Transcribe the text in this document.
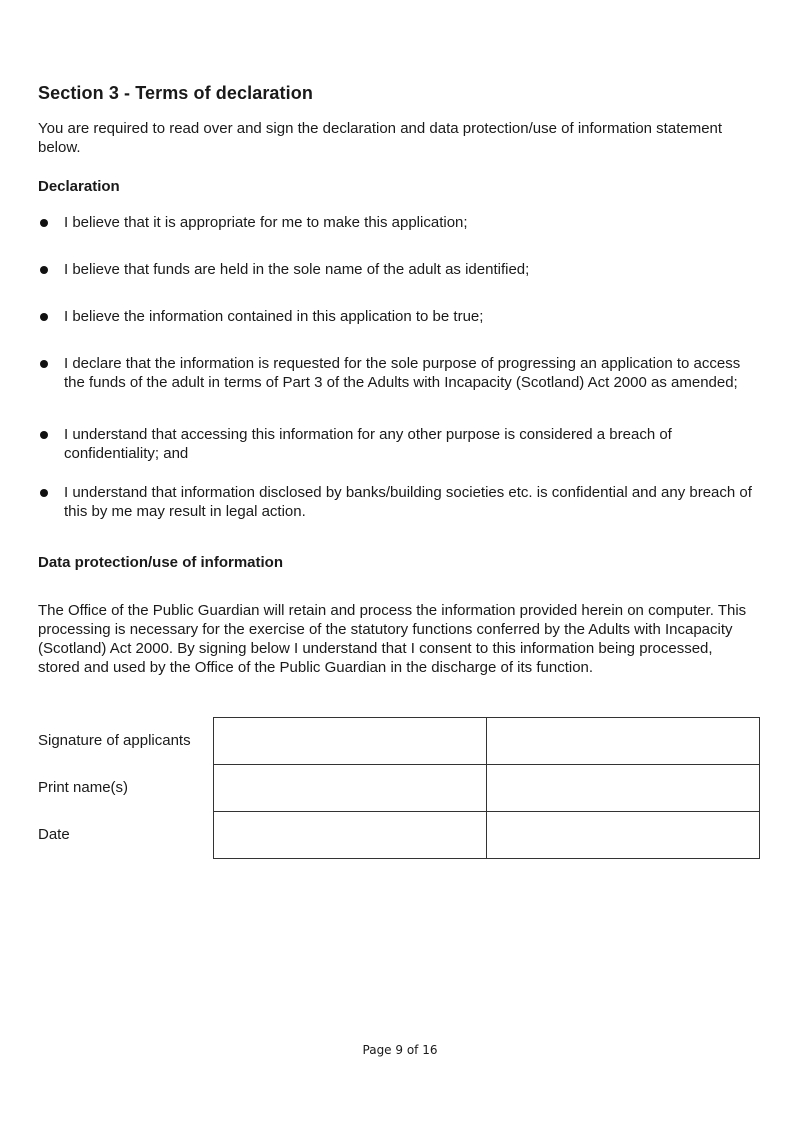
Section 3 - Terms of declaration

You are required to read over and sign the declaration and data protection/use of information statement below.

Declaration
I believe that it is appropriate for me to make this application;
I believe that funds are held in the sole name of the adult as identified;
I believe the information contained in this application to be true;
I declare that the information is requested for the sole purpose of progressing an application to access the funds of the adult in terms of Part 3 of the Adults with Incapacity (Scotland) Act 2000 as amended;
I understand that accessing this information for any other purpose is considered a breach of confidentiality; and
I understand that information disclosed by banks/building societies etc. is confidential and any breach of this by me may result in legal action.
Data protection/use of information

The Office of the Public Guardian will retain and process the information provided herein on computer. This processing is necessary for the exercise of the statutory functions conferred by the Adults with Incapacity (Scotland) Act 2000. By signing below I understand that I consent to this information being processed, stored and used by the Office of the Public Guardian in the discharge of its function.

Signature of applicants
Print name(s)
Date

Page 9 of 16
